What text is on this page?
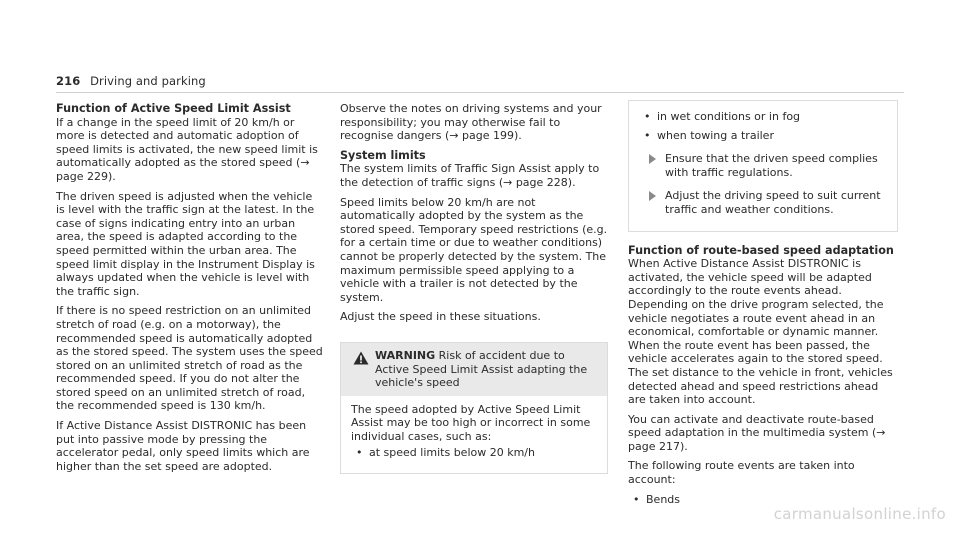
216 Driving and parking
Function of Active Speed Limit Assist

If a change in the speed limit of 20 km/h or more is detected and automatic adoption of speed limits is activated, the new speed limit is automatically adopted as the stored speed (→ page 229).

The driven speed is adjusted when the vehicle is level with the traffic sign at the latest. In the case of signs indicating entry into an urban area, the speed is adapted according to the speed permitted within the urban area. The speed limit display in the Instrument Display is always updated when the vehicle is level with the traffic sign.

If there is no speed restriction on an unlimited stretch of road (e.g. on a motorway), the recommended speed is automatically adopted as the stored speed. The system uses the speed stored on an unlimited stretch of road as the recommended speed. If you do not alter the stored speed on an unlimited stretch of road, the recommended speed is 130 km/h.

If Active Distance Assist DISTRONIC has been put into passive mode by pressing the accelerator pedal, only speed limits which are higher than the set speed are adopted.

Observe the notes on driving systems and your responsibility; you may otherwise fail to recognise dangers (→ page 199).

System limits

The system limits of Traffic Sign Assist apply to the detection of traffic signs (→ page 228).

Speed limits below 20 km/h are not automatically adopted by the system as the stored speed. Temporary speed restrictions (e.g. for a certain time or due to weather conditions) cannot be properly detected by the system. The maximum permissible speed applying to a vehicle with a trailer is not detected by the system.

Adjust the speed in these situations.

WARNING Risk of accident due to Active Speed Limit Assist adapting the vehicle's speed
The speed adopted by Active Speed Limit Assist may be too high or incorrect in some individual cases, such as:
• at speed limits below 20 km/h
• in wet conditions or in fog
• when towing a trailer
Ensure that the driven speed complies with traffic regulations.
Adjust the driving speed to suit current traffic and weather conditions.
Function of route-based speed adaptation

When Active Distance Assist DISTRONIC is activated, the vehicle speed will be adapted accordingly to the route events ahead. Depending on the drive program selected, the vehicle negotiates a route event ahead in an economical, comfortable or dynamic manner. When the route event has been passed, the vehicle accelerates again to the stored speed. The set distance to the vehicle in front, vehicles detected ahead and speed restrictions ahead are taken into account.

You can activate and deactivate route-based speed adaptation in the multimedia system (→ page 217).

The following route events are taken into account:

• Bends
carmanualsonline.info
